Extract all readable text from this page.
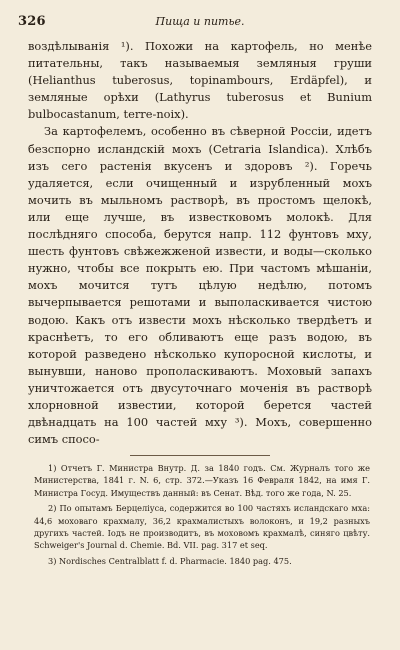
326	Пища и питье.

воздѣлыванія ¹). Похожи на картофель, но менѣе питательны, такъ называемыя земляныя груши (Helianthus tuberosus, topinambours, Erdäpfel), и земляные орѣхи (Lathyrus tuberosus et Bunium bulbocastanum, terre-noix).

За картофелемъ, особенно въ сѣверной Россіи, идетъ безспорно исландскій мохъ (Cetraria Islandica). Хлѣбъ изъ сего растенія вкусенъ и здоровъ ²). Горечь удаляется, если очищенный и изрубленный мохъ мочить въ мыльномъ растворѣ, въ простомъ щелокѣ, или еще лучше, въ известковомъ молокѣ. Для послѣдняго способа, берутся напр. 112 фунтовъ мху, шесть фунтовъ свѣжежженой извести, и воды—сколько нужно, чтобы все покрыть ею. При частомъ мѣшаніи, мохъ мочится тутъ цѣлую недѣлю, потомъ вычерпывается решотами и выполаскивается чистою водою. Какъ отъ извести мохъ нѣсколько твердѣетъ и краснѣетъ, то его обливаютъ еще разъ водою, въ которой разведено нѣсколько купоросной кислоты, и вынувши, наново прополаскиваютъ. Моховый запахъ уничтожается отъ двусуточнаго моченія въ растворѣ хлорновной известии, которой берется частей двѣнадцать на 100 частей мху ³). Мохъ, совершенно симъ спосо-

1) Отчетъ Г. Министра Внутр. Д. за 1840 годъ. См. Журналъ того же Министерства, 1841 г. N. 6, стр. 372.—Указъ 16 Февраля 1842, на имя Г. Министра Госуд. Имуществъ данный: въ Сенат. Вѣд. того же года, N. 25.

2) По опытамъ Берцеліуса, содержится во 100 частяхъ исландскаго мха: 44,6 моховаго крахмалу, 36,2 крахмалистыхъ волоконъ, и 19,2 разныхъ другихъ частей. Іодъ не производитъ, въ моховомъ крахмалѣ, синяго цвѣту. Schweiger's Journal d. Chemie. Bd. VII. pag. 317 et seq.

3) Nordisches Centralblatt f. d. Pharmacie. 1840 pag. 475.
